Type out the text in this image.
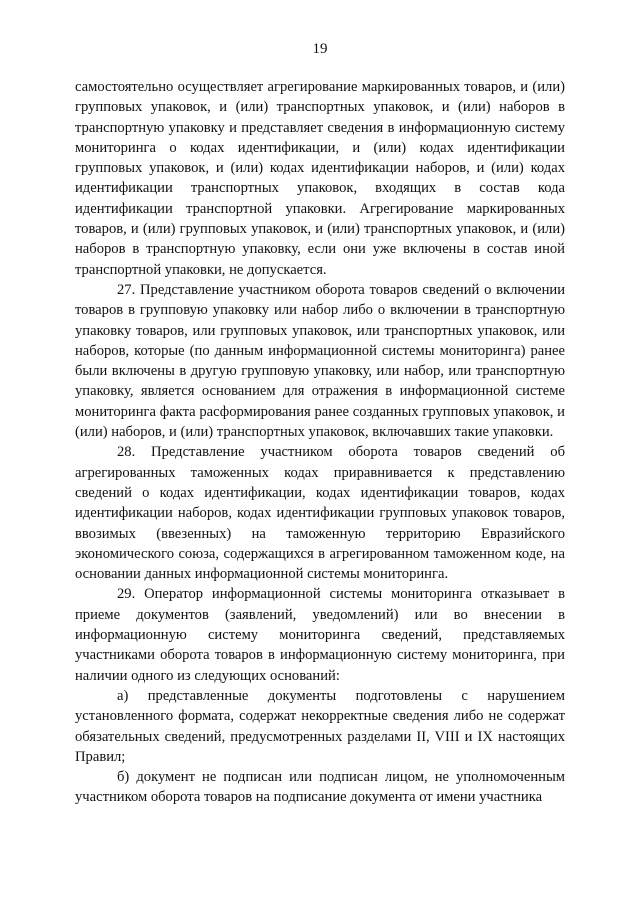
19

самостоятельно осуществляет агрегирование маркированных товаров, и (или) групповых упаковок, и (или) транспортных упаковок, и (или) наборов в транспортную упаковку и представляет сведения в информационную систему мониторинга о кодах идентификации, и (или) кодах идентификации групповых упаковок, и (или) кодах идентификации наборов, и (или) кодах идентификации транспортных упаковок, входящих в состав кода идентификации транспортной упаковки. Агрегирование маркированных товаров, и (или) групповых упаковок, и (или) транспортных упаковок, и (или) наборов в транспортную упаковку, если они уже включены в состав иной транспортной упаковки, не допускается.

27. Представление участником оборота товаров сведений о включении товаров в групповую упаковку или набор либо о включении в транспортную упаковку товаров, или групповых упаковок, или транспортных упаковок, или наборов, которые (по данным информационной системы мониторинга) ранее были включены в другую групповую упаковку, или набор, или транспортную упаковку, является основанием для отражения в информационной системе мониторинга факта расформирования ранее созданных групповых упаковок, и (или) наборов, и (или) транспортных упаковок, включавших такие упаковки.

28. Представление участником оборота товаров сведений об агрегированных таможенных кодах приравнивается к представлению сведений о кодах идентификации, кодах идентификации товаров, кодах идентификации наборов, кодах идентификации групповых упаковок товаров, ввозимых (ввезенных) на таможенную территорию Евразийского экономического союза, содержащихся в агрегированном таможенном коде, на основании данных информационной системы мониторинга.

29. Оператор информационной системы мониторинга отказывает в приеме документов (заявлений, уведомлений) или во внесении в информационную систему мониторинга сведений, представляемых участниками оборота товаров в информационную систему мониторинга, при наличии одного из следующих оснований:

а) представленные документы подготовлены с нарушением установленного формата, содержат некорректные сведения либо не содержат обязательных сведений, предусмотренных разделами II, VIII и IX настоящих Правил;

б) документ не подписан или подписан лицом, не уполномоченным участником оборота товаров на подписание документа от имени участника
